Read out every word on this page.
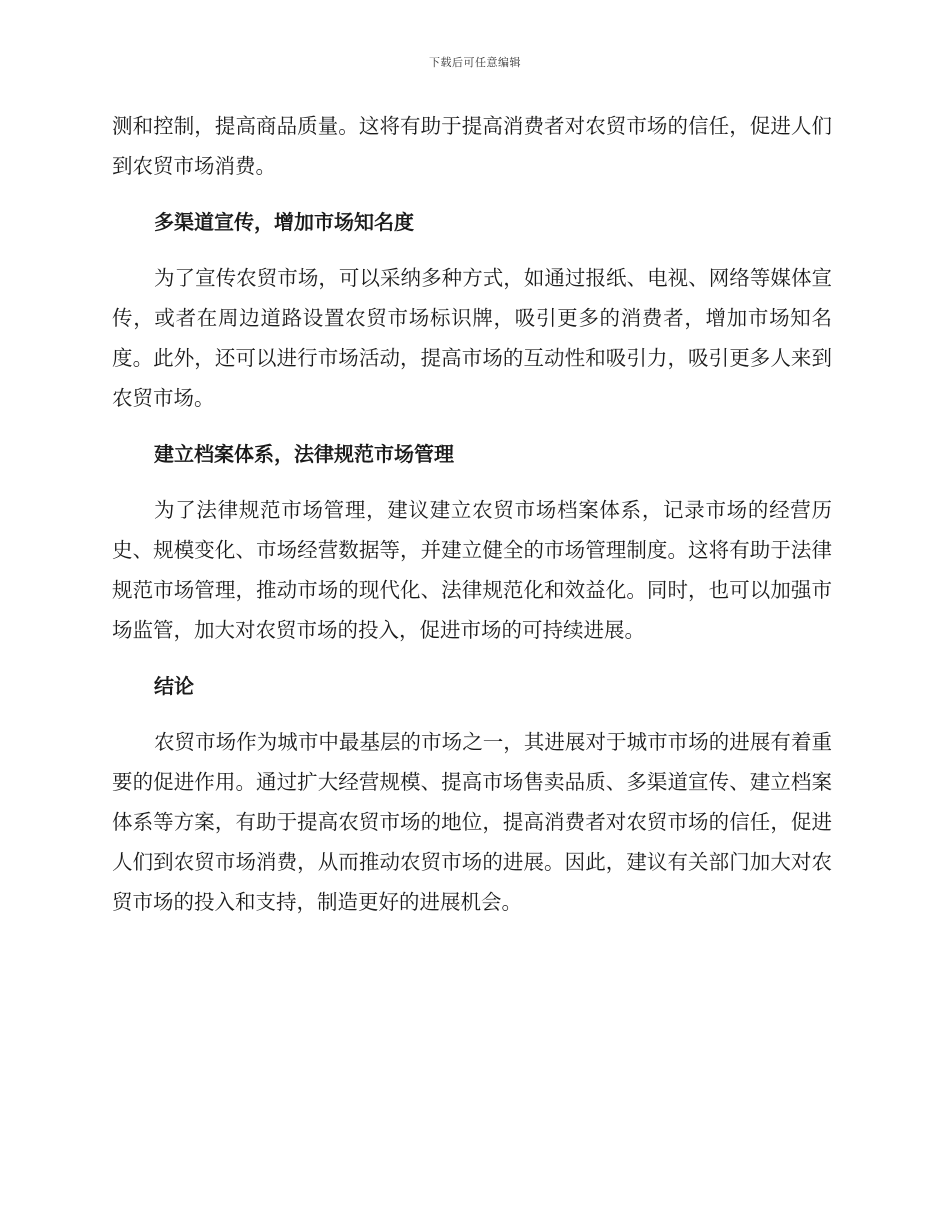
下载后可任意编辑

测和控制，提高商品质量。这将有助于提高消费者对农贸市场的信任，促进人们到农贸市场消费。

多渠道宣传，增加市场知名度

为了宣传农贸市场，可以采纳多种方式，如通过报纸、电视、网络等媒体宣传，或者在周边道路设置农贸市场标识牌，吸引更多的消费者，增加市场知名度。此外，还可以进行市场活动，提高市场的互动性和吸引力，吸引更多人来到农贸市场。

建立档案体系，法律规范市场管理

为了法律规范市场管理，建议建立农贸市场档案体系，记录市场的经营历史、规模变化、市场经营数据等，并建立健全的市场管理制度。这将有助于法律规范市场管理，推动市场的现代化、法律规范化和效益化。同时，也可以加强市场监管，加大对农贸市场的投入，促进市场的可持续进展。

结论

农贸市场作为城市中最基层的市场之一，其进展对于城市市场的进展有着重要的促进作用。通过扩大经营规模、提高市场售卖品质、多渠道宣传、建立档案体系等方案，有助于提高农贸市场的地位，提高消费者对农贸市场的信任，促进人们到农贸市场消费，从而推动农贸市场的进展。因此，建议有关部门加大对农贸市场的投入和支持，制造更好的进展机会。
